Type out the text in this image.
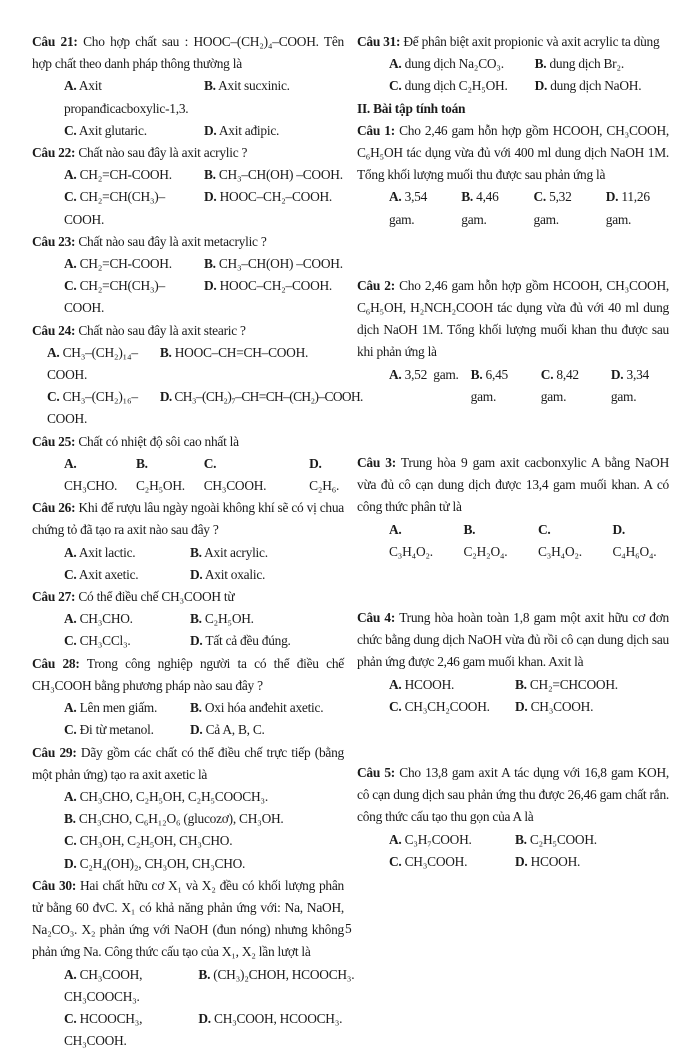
Câu 21: Cho hợp chất sau : HOOC–(CH₂)₄–COOH. Tên hợp chất theo danh pháp thông thường là

A. Axit propanđicacboxylic-1,3.
B. Axit sucxinic.
C. Axit glutaric.	D. Axit ađipic.

Câu 22: Chất nào sau đây là axit acrylic ?

A. CH₂=CH-COOH.	B. CH₃–CH(OH) –COOH.
C. CH₂=CH(CH₃)–COOH.
D. HOOC–CH₂–COOH.

Câu 23: Chất nào sau đây là axit metacrylic ?

A. CH₂=CH-COOH.	B. CH₃–CH(OH) –COOH.
C. CH₂=CH(CH₃)–COOH.
D. HOOC–CH₂–COOH.

Câu 24: Chất nào sau đây là axit stearic ?

A. CH₃–(CH₂)₁₄–COOH.
B. HOOC–CH=CH–COOH.
C. CH₃–(CH₂)₁₆–COOH.
D. CH₃–(CH₂)₇–CH=CH–(CH₂)–COOH.

Câu 25: Chất có nhiệt độ sôi cao nhất là

A. CH₃CHO.
B. C₂H₅OH.
C. CH₃COOH.
D. C₂H₆.

Câu 26: Khi để rượu lâu ngày ngoài không khí sẽ có vị chua chứng tỏ đã tạo ra axit nào sau đây ?

A. Axit lactic.	B. Axit acrylic.
C. Axit axetic.	D. Axit oxalic.

Câu 27: Có thể điều chế CH₃COOH từ

A. CH₃CHO.	B. C₂H₅OH.
C. CH₃CCl₃.	D. Tất cả đều đúng.

Câu 28: Trong công nghiệp người ta có thể điều chế CH₃COOH bằng phương pháp nào sau đây ?

A. Lên men giấm.	B. Oxi hóa anđehit axetic.
C. Đi từ metanol.	D. Cả A, B, C.

Câu 29: Dãy gồm các chất có thể điều chế trực tiếp (bằng một phản ứng) tạo ra axit axetic là

A. CH₃CHO, C₂H₅OH, C₂H₅COOCH₃.
B. CH₃CHO, C₆H₁₂O₆ (glucozơ), CH₃OH.
C. CH₃OH, C₂H₅OH, CH₃CHO.
D. C₂H₄(OH)₂, CH₃OH, CH₃CHO.

Câu 30: Hai chất hữu cơ X₁ và X₂ đều có khối lượng phân tử bằng 60 đvC. X₁ có khả năng phản ứng với: Na, NaOH, Na₂CO₃. X₂ phản ứng với NaOH (đun nóng) nhưng không phản ứng Na. Công thức cấu tạo của X₁, X₂ lần lượt là

A. CH₃COOH, CH₃COOCH₃.
B. (CH₃)₂CHOH, HCOOCH₃.
C. HCOOCH₃, CH₃COOH.
D. CH₃COOH, HCOOCH₃.

Câu 31: Để phân biệt axit propionic và axit acrylic ta dùng

A. dung dịch Na₂CO₃.	B. dung dịch Br₂.
C. dung dịch C₂H₅OH.	D. dung dịch NaOH.

II. Bài tập tính toán

Câu 1: Cho 2,46 gam hỗn hợp gồm HCOOH, CH₃COOH, C₆H₅OH tác dụng vừa đủ với 400 ml dung dịch NaOH 1M. Tổng khối lượng muối thu được sau phản ứng là

A. 3,54 gam.
B. 4,46 gam.
C. 5,32 gam.
D. 11,26 gam.

Câu 2: Cho 2,46 gam hỗn hợp gồm HCOOH, CH₃COOH, C₆H₅OH, H₂NCH₂COOH tác dụng vừa đủ với 40 ml dung dịch NaOH 1M. Tổng khối lượng muối khan thu được sau khi phản ứng là

A. 3,52  gam. B. 6,45 gam.
C. 8,42 gam.
D. 3,34 gam.

Câu 3: Trung hòa 9 gam axit cacbonxylic A bằng NaOH vừa đủ cô cạn dung dịch được 13,4 gam muối khan. A có công thức phân tử là

A. C₃H₄O₂.
B. C₂H₂O₄.
C. C₃H₄O₂.
D. C₄H₆O₄.

Câu 4: Trung hòa hoàn toàn 1,8 gam một axit hữu cơ đơn chức bằng dung dịch NaOH vừa đủ rồi cô cạn dung dịch sau phản ứng được 2,46 gam muối khan. Axit là

A. HCOOH.	B. CH₂=CHCOOH.
C. CH₃CH₂COOH.	D. CH₃COOH.

Câu 5: Cho 13,8 gam axit A tác dụng với 16,8 gam KOH, cô cạn dung dịch sau phản ứng thu được 26,46 gam chất rắn. công thức cấu tạo thu gọn của A là

A. C₃H₇COOH.	B. C₂H₅COOH.
C. CH₃COOH.	D. HCOOH.
5
